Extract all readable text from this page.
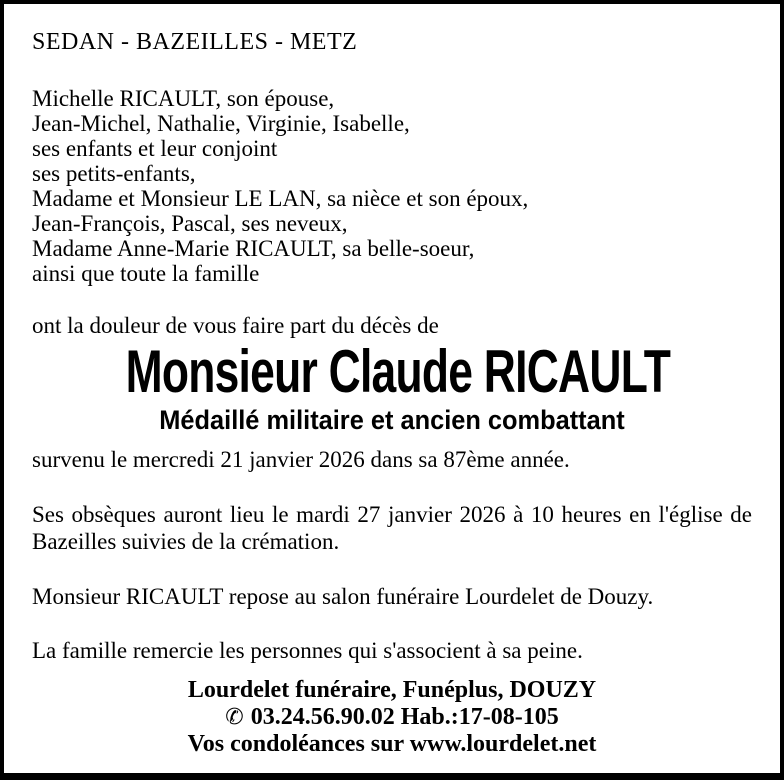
SEDAN - BAZEILLES - METZ
Michelle RICAULT, son épouse,
Jean-Michel, Nathalie, Virginie, Isabelle,
ses enfants et leur conjoint
ses petits-enfants,
Madame et Monsieur LE LAN, sa nièce et son époux,
Jean-François, Pascal, ses neveux,
Madame Anne-Marie RICAULT, sa belle-soeur,
ainsi que toute la famille
ont la douleur de vous faire part du décès de
Monsieur Claude RICAULT
Médaillé militaire et ancien combattant
survenu le mercredi 21 janvier 2026 dans sa 87ème année.
Ses obsèques auront lieu le mardi 27 janvier 2026 à 10 heures en l'église de Bazeilles suivies de la crémation.
Monsieur RICAULT repose au salon funéraire Lourdelet de Douzy.
La famille remercie les personnes qui s'associent à sa peine.
Lourdelet funéraire, Funéplus, DOUZY
✆ 03.24.56.90.02 Hab.:17-08-105
Vos condoléances sur www.lourdelet.net
